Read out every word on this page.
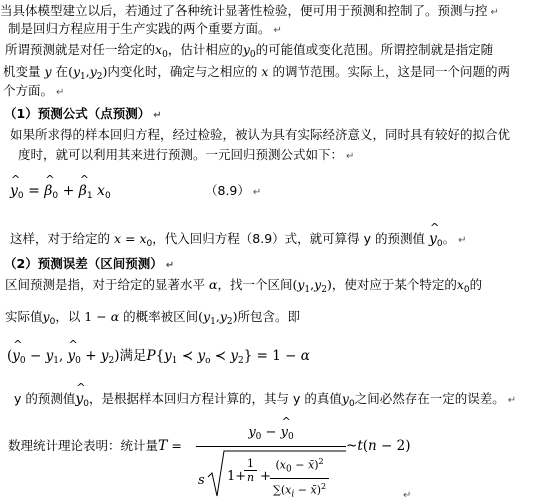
当具体模型建立以后，若通过了各种统计显著性检验，便可用于预测和控制了。预测与控 ↵
制是回归方程应用于生产实践的两个重要方面。 ↵
所谓预测就是对任一给定的$x_0$，估计相应的$y_0$的可能值或变化范围。所谓控制就是指定随
机变量 y 在$(y_1,y_2)$内变化时，确定与之相应的 x 的调节范围。实际上，这是同一个问题的两
个方面。 ↵
（1）预测公式（点预测） ↵
如果所求得的样本回归方程，经过检验，被认为具有实际经济意义，同时具有较好的拟合优
度时，就可以利用其来进行预测。一元回归预测公式如下： ↵
^ $y_0$ = ^ $\beta_0$ + ^ $\beta_1$ $x_0$	（8.9） ↵
这样，对于给定的 $x = x_0$，代入回归方程（8.9）式，就可算得 y 的预测值 ^ $y_0$。 ↵
（2）预测误差（区间预测） ↵
区间预测是指，对于给定的显著水平 α，找一个区间$(y_1,y_2)$，使对应于某个特定的$x_0$的
实际值$y_0$，以 1 − α 的概率被区间$(y_1,y_2)$所包含。即
(^ $y_0 - y_1$, ^ $y_0 + y_2$)满足$P\{y_1$ ≺ $y_o$ ≺ $y_2\} = 1 - \alpha$
y 的预测值^ $y_0$，是根据样本回归方程计算的，其与 y 的真值$y_0$之间必然存在一定的误差。 ↵
数理统计理论表明：统计量T =
$y_0$ − ^ $y_0$
s 1+
$\frac{1}{n} + \frac{(x_0 - x̄)^2}{\sum(x_i - x̄)^2}$
~t(n − 2)
↵
